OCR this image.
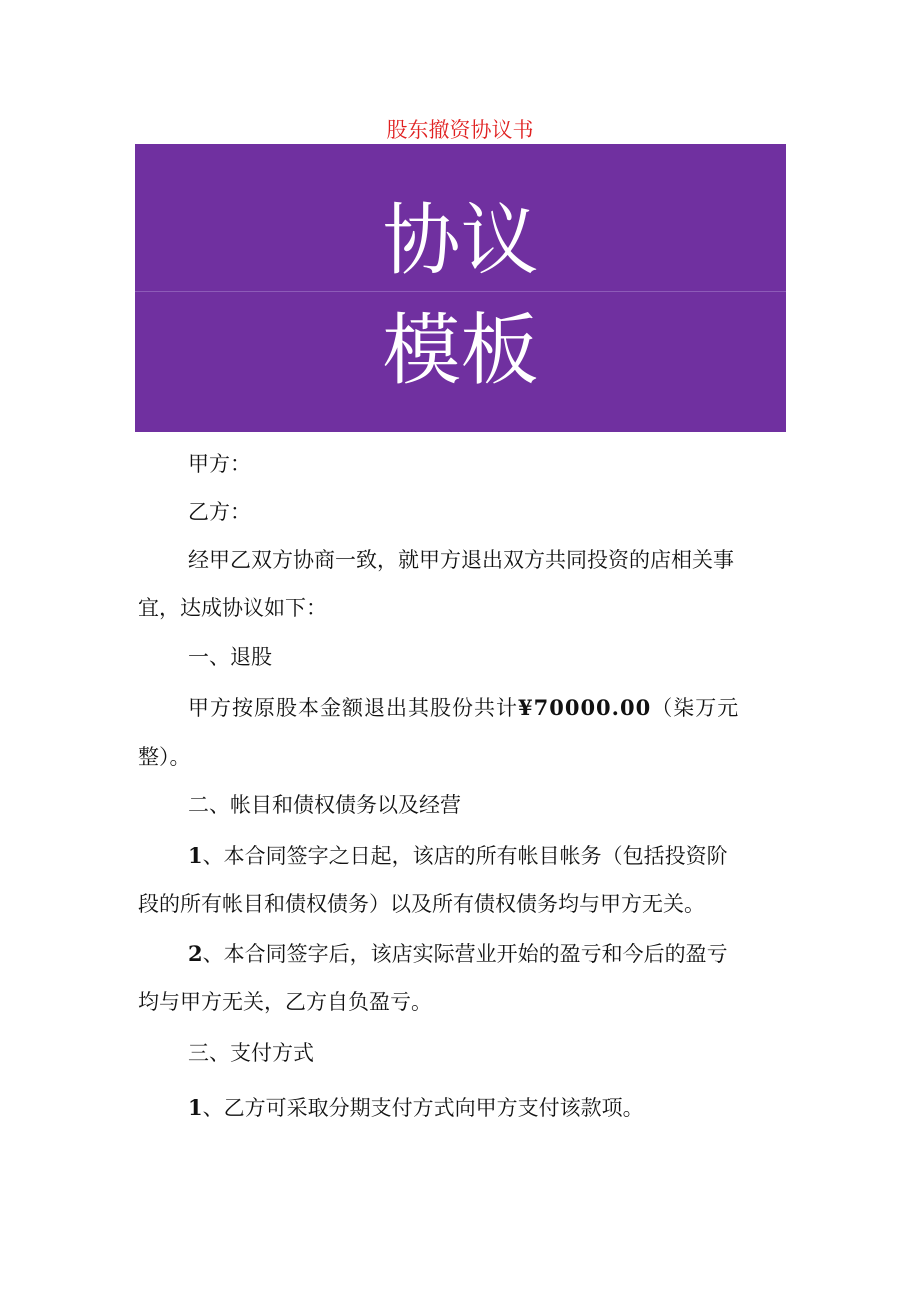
股东撤资协议书
协议
模板
甲方：
乙方：
经甲乙双方协商一致，就甲方退出双方共同投资的店相关事
宜，达成协议如下：
一、退股
甲方按原股本金额退出其股份共计¥70000.00（柒万元
整）。
二、帐目和债权债务以及经营
1、本合同签字之日起，该店的所有帐目帐务（包括投资阶
段的所有帐目和债权债务）以及所有债权债务均与甲方无关。
2、本合同签字后，该店实际营业开始的盈亏和今后的盈亏
均与甲方无关，乙方自负盈亏。
三、支付方式
1、乙方可采取分期支付方式向甲方支付该款项。
